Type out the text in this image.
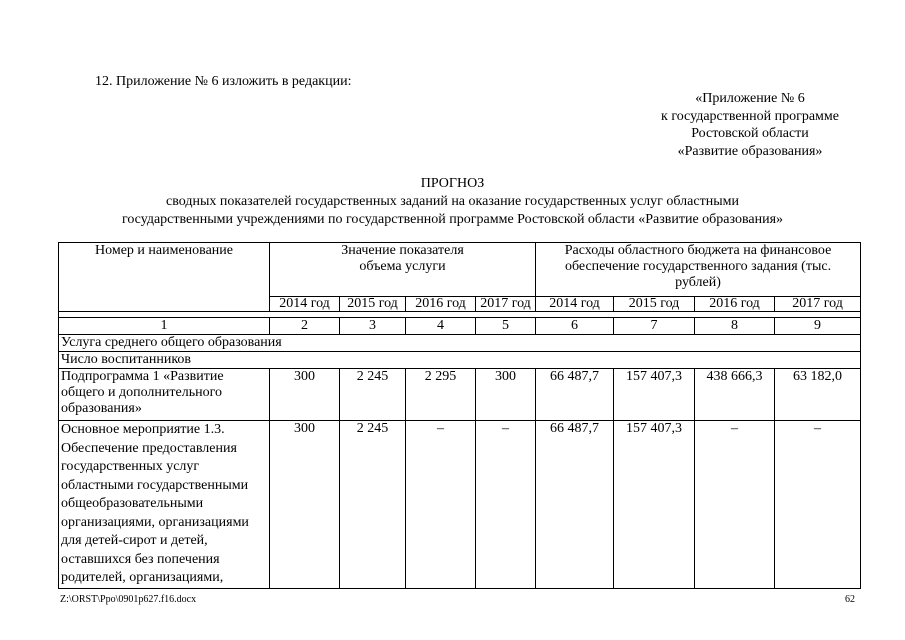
12. Приложение № 6 изложить в редакции:
«Приложение № 6
к государственной программе
Ростовской области
«Развитие образования»
ПРОГНОЗ
сводных показателей государственных заданий на оказание государственных услуг областными
государственными учреждениями по государственной программе Ростовской области «Развитие образования»
Номер и наименование	Значение показателя объема услуги				Расходы областного бюджета на финансовое обеспечение государственного задания (тыс. рублей)			
	2014 год	2015 год	2016 год	2017 год	2014 год	2015 год	2016 год	2017 год

1	2	3	4	5	6	7	8	9
Услуга среднего общего образования								
Число воспитанников								
Подпрограмма 1 «Развитие общего и дополнительного образования»	300	2 245	2 295	300	66 487,7	157 407,3	438 666,3	63 182,0
Основное мероприятие 1.3. Обеспечение предоставления государственных услуг областными государственными общеобразовательными организациями, организациями для детей-сирот и детей, оставшихся без попечения родителей, организациями,	300	2 245	–	–	66 487,7	157 407,3	–	–
Z:\ORST\Ppo\0901p627.f16.docx	62
